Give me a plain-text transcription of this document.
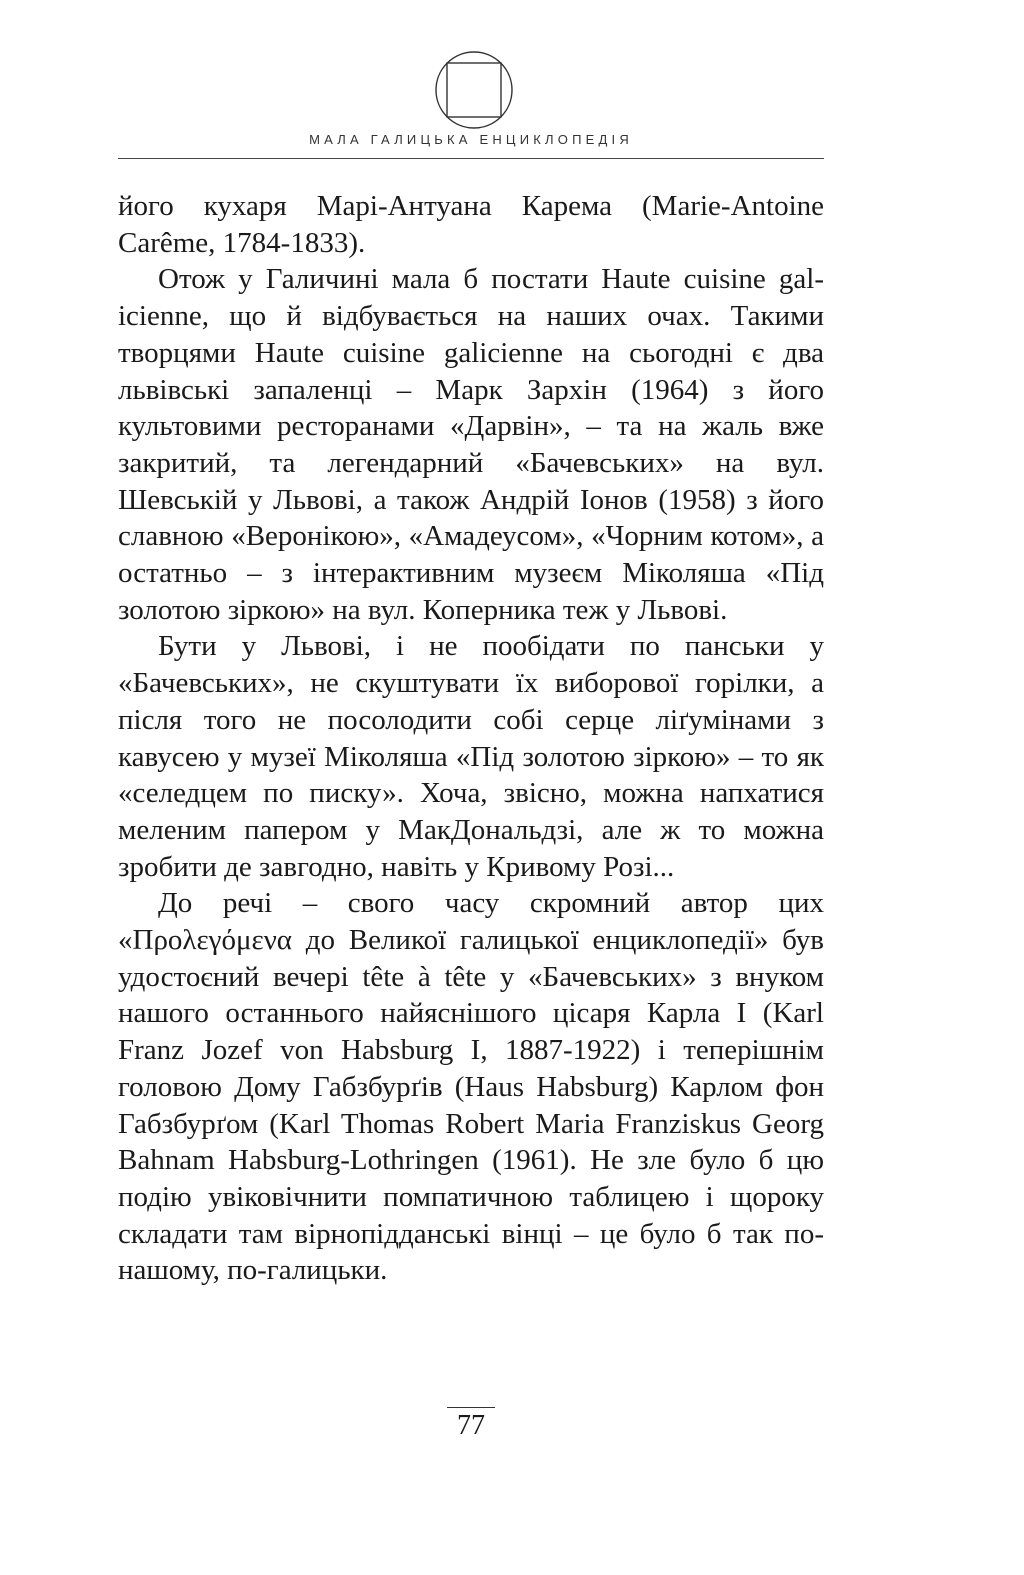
МАЛА ГАЛИЦЬКА ЕНЦИКЛОПЕДІЯ

його кухаря Марі-Антуана Карема (Marie-Antoine Carême, 1784-1833).

Отож у Галичині мала б постати Haute cuisine galicienne, що й відбувається на наших очах. Такими творцями Haute cuisine galicienne на сьогодні є два львівські запаленці – Марк Зархін (1964) з його культовими ресторанами «Дарвін», – та на жаль вже закритий, та легендарний «Бачевських» на вул. Шевській у Львові, а також Андрій Іонов (1958) з його славною «Веронікою», «Амадеусом», «Чорним котом», а остатньо – з інтерактивним музеєм Міколяша «Під золотою зіркою» на вул. Коперника теж у Львові.

Бути у Львові, і не пообідати по панськи у «Бачевських», не скуштувати їх виборової горілки, а після того не посолодити собі серце ліґумінами з кавусею у музеї Міколяша «Під золотою зіркою» – то як «селедцем по писку». Хоча, звісно, можна напхатися меленим папером у МакДональдзі, але ж то можна зробити де завгодно, навіть у Кривому Розі...

До речі – свого часу скромний автор цих «Προλεγόμενα до Великої галицької енциклопедії» був удостоєний вечері tête à tête у «Бачевських» з внуком нашого останнього найяснішого цісаря Карла І (Karl Franz Jozef von Habsburg I, 1887-1922) і теперішнім головою Дому Габзбурґів (Haus Habsburg) Карлом фон Габзбурґом (Karl Thomas Robert Maria Franziskus Georg Bahnam Habsburg-Lothringen (1961). Не зле було б цю подію увіковічнити помпатичною таблицею і щороку складати там вірнопідданські вінці – це було б так понашому, по-галицьки.

77
